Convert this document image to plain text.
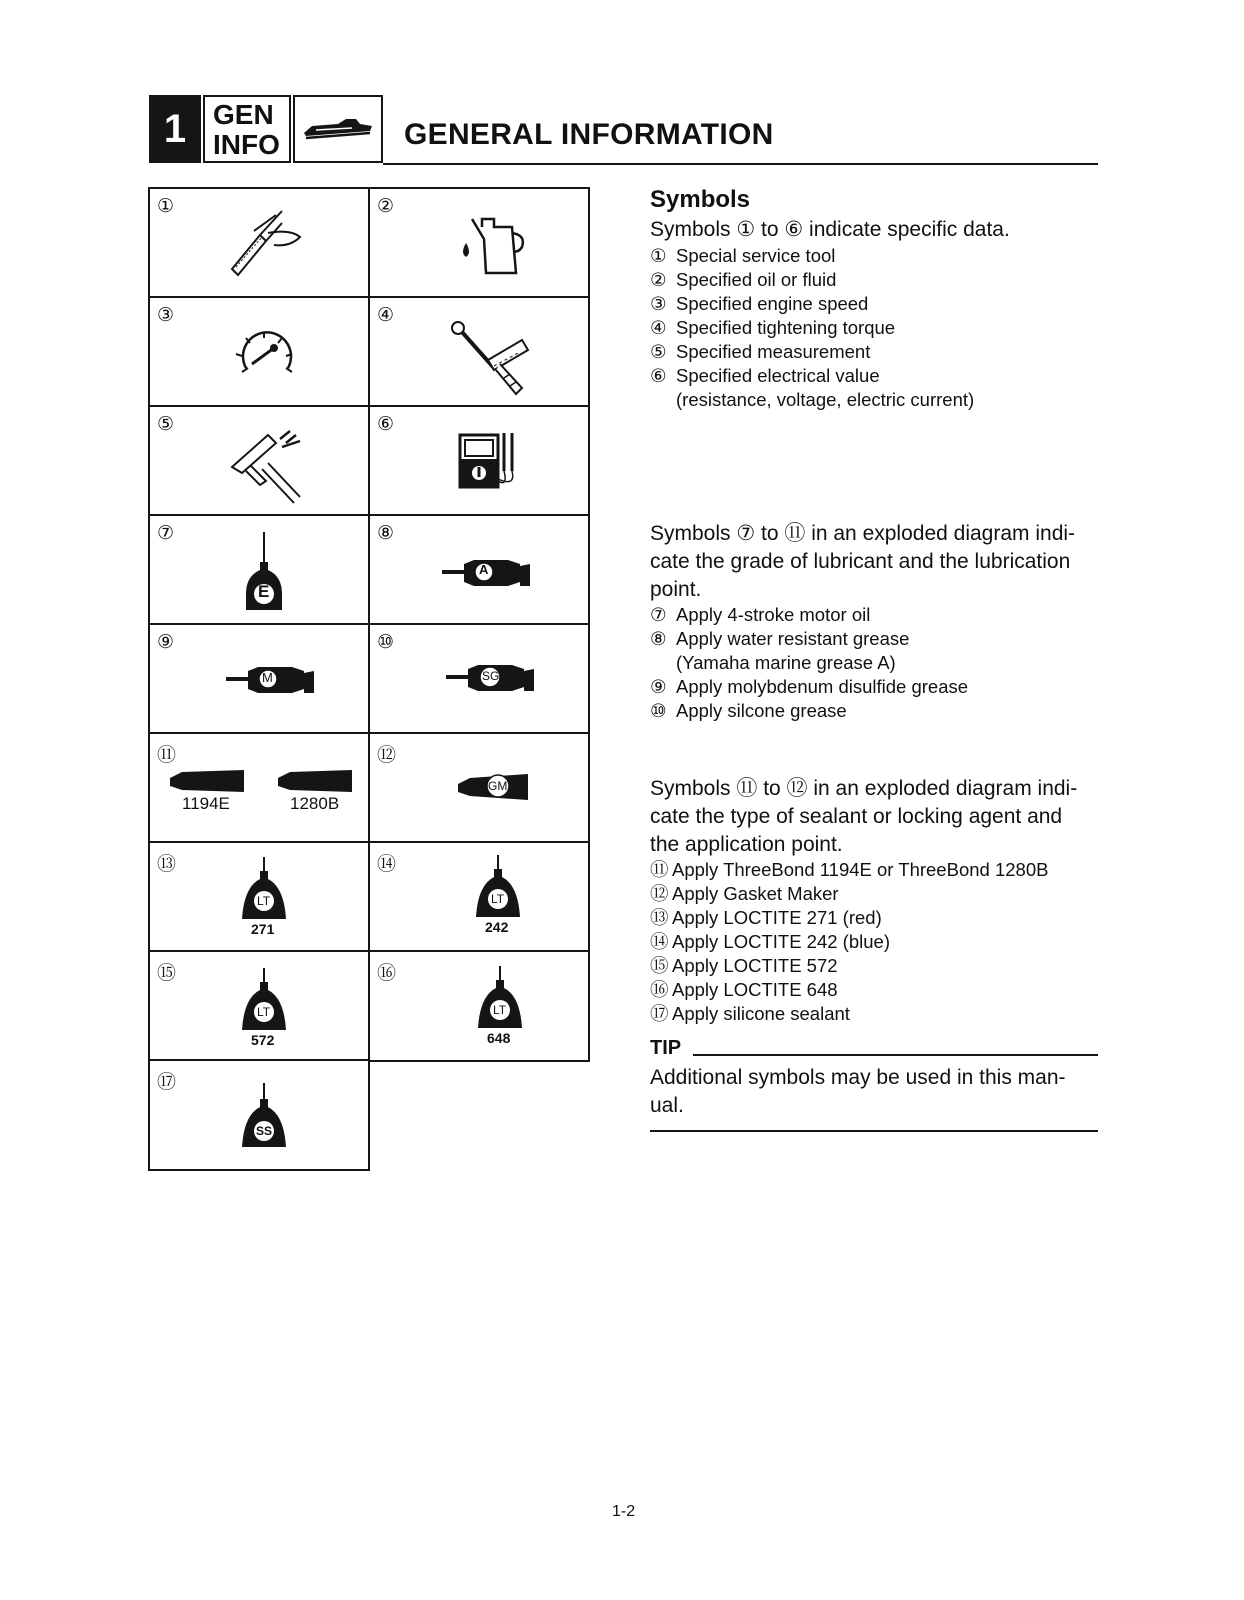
1 GEN
INFO	GENERAL INFORMATION
①	②
③	④
⑤	⑥
⑦
E
⑧
A
⑨
M
⑩
SG
⑪
1194E	1280B
⑫
GM
⑬
LT
271
⑭
LT
242
⑮
LT
572
⑯
LT
648
⑰
SS
Symbols
Symbols ① to ⑥ indicate specific data.
① Special service tool
② Specified oil or fluid
③ Specified engine speed
④ Specified tightening torque
⑤ Specified measurement
⑥ Specified electrical value
(resistance, voltage, electric current)
Symbols ⑦ to ⑪ in an exploded diagram indi-
cate the grade of lubricant and the lubrication
point.
⑦ Apply 4-stroke motor oil
⑧ Apply water resistant grease
(Yamaha marine grease A)
⑨ Apply molybdenum disulfide grease
⑩ Apply silcone grease
Symbols ⑪ to ⑫ in an exploded diagram indi-
cate the type of sealant or locking agent and
the application point.
⑪ Apply ThreeBond 1194E or ThreeBond 1280B
⑫ Apply Gasket Maker
⑬ Apply LOCTITE 271 (red)
⑭ Apply LOCTITE 242 (blue)
⑮ Apply LOCTITE 572
⑯ Apply LOCTITE 648
⑰ Apply silicone sealant
TIP
Additional symbols may be used in this man-
ual.
1-2
